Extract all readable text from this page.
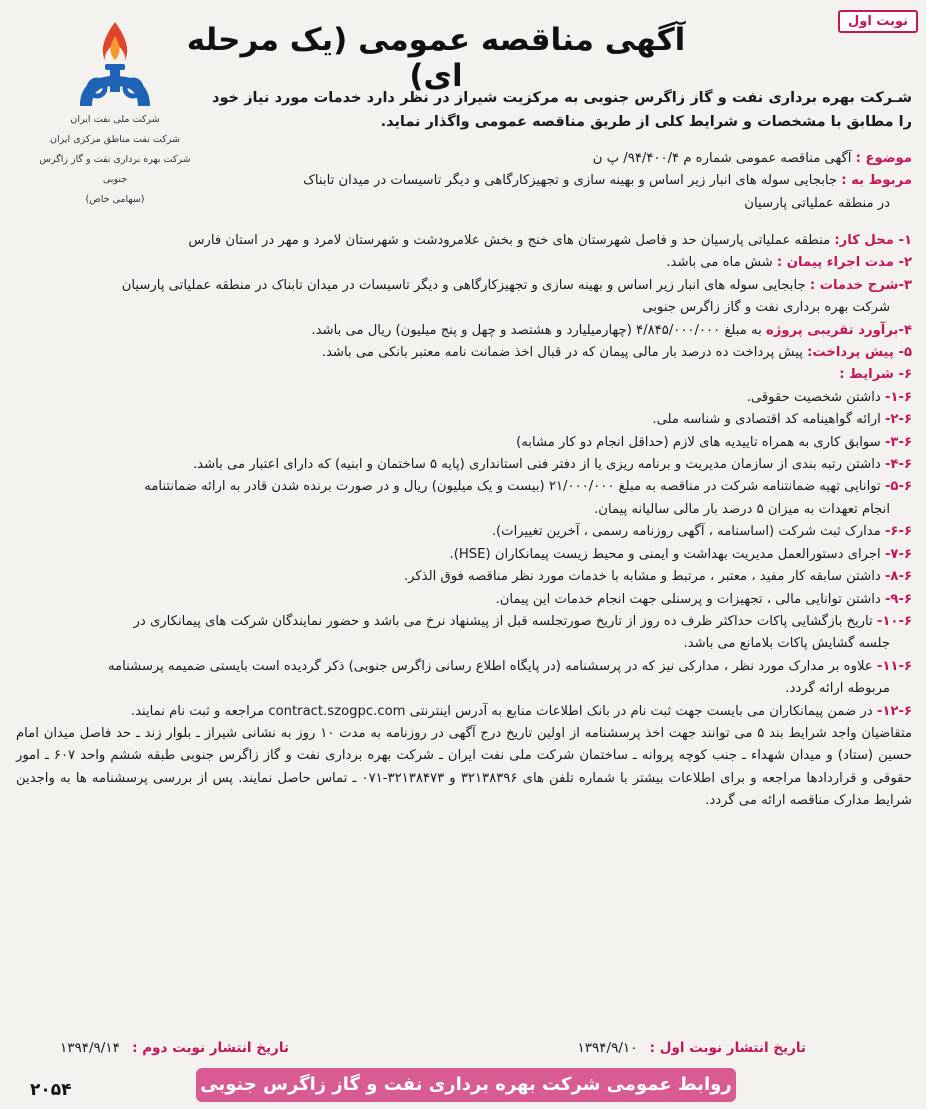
نوبت اول
آگهی مناقصه عمومی (یک مرحله ای)
شرکت ملی نفت ایران
شرکت نفت مناطق مرکزی ایران
شرکت بهره برداری نفت و گاز زاگرس جنوبی
(سهامی خاص)
شـرکت بهره برداری نفت و گاز زاگرس جنوبی به مرکزیت شیراز در نظر دارد خدمات مورد نیاز خود را مطابق با مشخصات و شرایط کلی از طریق مناقصه عمومی واگذار نماید.
موضوع : آگهی مناقصه عمومی شماره م ۹۴/۴۰۰/۴/ پ ن
مربوط به : جابجایی سوله های انبار زیر اساس و بهینه سازی و تجهیزکارگاهی و دیگر تاسیسات در میدان تابناک
در منطقه عملیاتی پارسیان
۱- محل کار: منطقه عملیاتی پارسیان حد و فاصل شهرستان های خنج و بخش علامرودشت و شهرستان لامرد و مهر در استان فارس
۲- مدت اجراء پیمان : شش ماه می باشد.
۳-شرح خدمات : جابجایی سوله های انبار زیر اساس و بهینه سازی و تجهیزکارگاهی و دیگر تاسیسات در میدان تابناک در منطقه عملیاتی پارسیان
شرکت بهره برداری نفت و گاز زاگرس جنوبی
۴-برآورد تقریبی پروژه به مبلغ ۴/۸۴۵/۰۰۰/۰۰۰ (چهارمیلیارد و هشتصد و چهل و پنج میلیون) ریال می باشد.
۵- پیش پرداخت: پیش پرداخت ده درصد بار مالی پیمان که در قبال اخذ ضمانت نامه معتبر بانکی می باشد.
۶- شرایط :
۱-۶- داشتن شخصیت حقوقی.
۲-۶- ارائه گواهینامه کد اقتصادی و شناسه ملی.
۳-۶- سوابق کاری به همراه تاییدیه های لازم (حداقل انجام دو کار مشابه)
۴-۶- داشتن رتبه بندی از سازمان مدیریت و برنامه ریزی یا از دفتر فنی استانداری (پایه ۵ ساختمان و ابنیه) که دارای اعتبار می باشد.
۵-۶- توانایی تهیه ضمانتنامه شرکت در مناقصه به مبلغ ۲۱/۰۰۰/۰۰۰ (بیست و یک میلیون) ریال و در صورت برنده شدن قادر به ارائه ضمانتنامه
انجام تعهدات به میزان ۵ درصد بار مالی سالیانه پیمان.
۶-۶- مدارک ثبت شرکت (اساسنامه ، آگهی روزنامه رسمی ، آخرین تغییرات).
۷-۶- اجرای دستورالعمل مدیریت بهداشت و ایمنی و محیط زیست پیمانکاران (HSE).
۸-۶- داشتن سابقه کار مفید ، معتبر ، مرتبط و مشابه با خدمات مورد نظر مناقصه فوق الذکر.
۹-۶- داشتن توانایی مالی ، تجهیزات و پرسنلی جهت انجام خدمات این پیمان.
۱۰-۶- تاریخ بازگشایی پاکات حداکثر ظرف ده روز از تاریخ صورتجلسه قبل از پیشنهاد نرخ می باشد و حضور نمایندگان شرکت های پیمانکاری در
جلسه گشایش پاکات بلامانع می باشد.
۱۱-۶- علاوه بر مدارک مورد نظر ، مدارکی نیز که در پرسشنامه (در پایگاه اطلاع رسانی زاگرس جنوبی) ذکر گردیده است بایستی ضمیمه پرسشنامه
مربوطه ارائه گردد.
۱۲-۶- در ضمن پیمانکاران می بایست جهت ثبت نام در بانک اطلاعات منابع به آدرس اینترنتی contract.szogpc.com مراجعه و ثبت نام نمایند.
متقاضیان واجد شرایط بند ۵ می توانند جهت اخذ پرسشنامه از اولین تاریخ درج آگهی در روزنامه به مدت ۱۰ روز به نشانی شیراز ـ بلوار زند ـ حد فاصل میدان امام حسین (ستاد) و میدان شهداء ـ جنب کوچه پروانه ـ ساختمان شرکت ملی نفت ایران ـ شرکت بهره برداری نفت و گاز زاگرس جنوبی طبقه ششم واحد ۶۰۷ ـ امور حقوقی و قراردادها مراجعه و برای اطلاعات بیشتر با شماره تلفن های ۳۲۱۳۸۳۹۶ و ۳۲۱۳۸۴۷۳-۰۷۱ ـ تماس حاصل نمایند. پس از بررسی پرسشنامه ها به واجدین شرایط مدارک مناقصه ارائه می گردد.
تاریخ انتشار نوبت اول : ۱۳۹۴/۹/۱۰
تاریخ انتشار نوبت دوم : ۱۳۹۴/۹/۱۴
روابط عمومی شرکت بهره برداری نفت و گاز زاگرس جنوبی
۲۰۵۴
